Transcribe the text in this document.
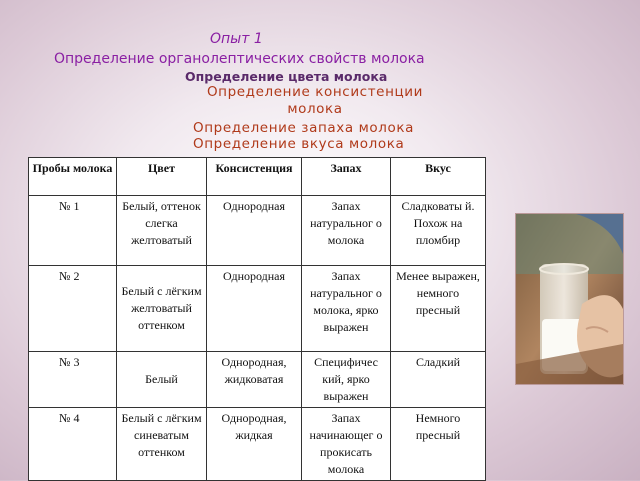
Опыт 1
Определение органолептических свойств молока
Определение цвета молока
Определение консистенции молока
Определение запаха молока
Определение вкуса молока
Пробы молока	Цвет	Консистенция	Запах	Вкус
№ 1	Белый, оттенок слегка желтоватый	Однородная	Запах натуральног о молока	Сладковаты й. Похож на пломбир
№ 2	Белый с лёгким желтоватый оттенком	Однородная	Запах натуральног о молока, ярко выражен	Менее выражен, немного пресный
№ 3	Белый	Однородная, жидковатая	Специфичес кий, ярко выражен	Сладкий
№ 4	Белый с лёгким синеватым оттенком	Однородная, жидкая	Запах начинающег о прокисать молока	Немного пресный
